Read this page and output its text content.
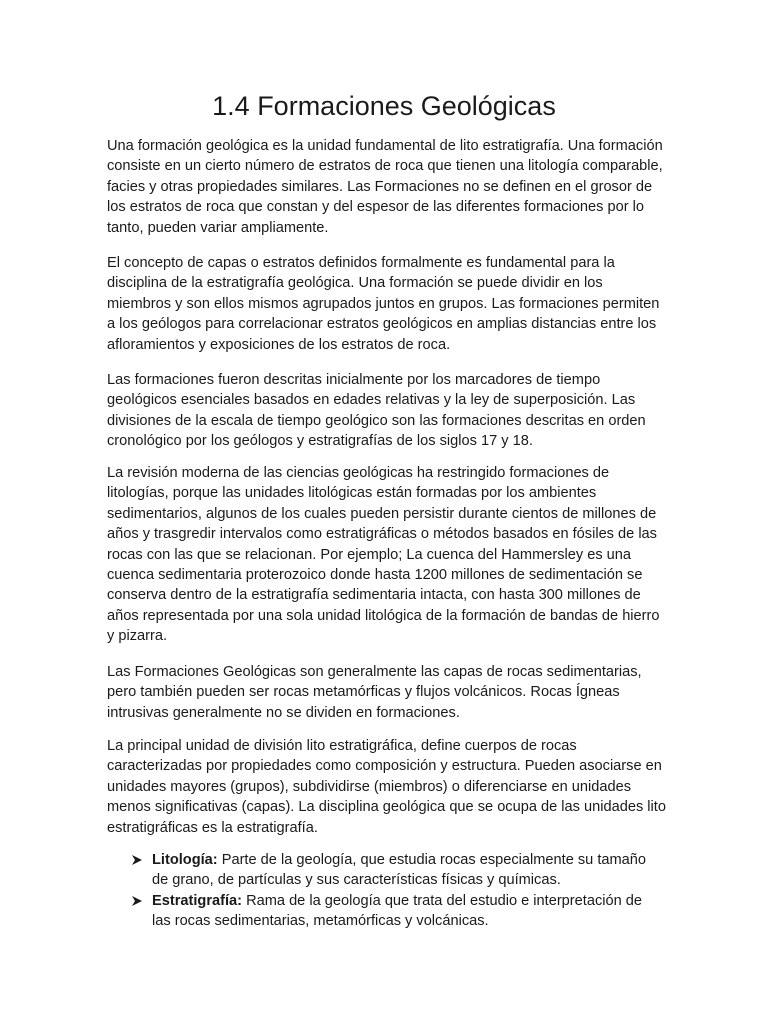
1.4 Formaciones Geológicas

Una formación geológica es la unidad fundamental de lito estratigrafía. Una formación consiste en un cierto número de estratos de roca que tienen una litología comparable, facies y otras propiedades similares. Las Formaciones no se definen en el grosor de los estratos de roca que constan y del espesor de las diferentes formaciones por lo tanto, pueden variar ampliamente.

El concepto de capas o estratos definidos formalmente es fundamental para la disciplina de la estratigrafía geológica. Una formación se puede dividir en los miembros y son ellos mismos agrupados juntos en grupos. Las formaciones permiten a los geólogos para correlacionar estratos geológicos en amplias distancias entre los afloramientos y exposiciones de los estratos de roca.

Las formaciones fueron descritas inicialmente por los marcadores de tiempo geológicos esenciales basados en edades relativas y la ley de superposición. Las divisiones de la escala de tiempo geológico son las formaciones descritas en orden cronológico por los geólogos y estratigrafías de los siglos 17 y 18.

La revisión moderna de las ciencias geológicas ha restringido formaciones de litologías, porque las unidades litológicas están formadas por los ambientes sedimentarios, algunos de los cuales pueden persistir durante cientos de millones de años y trasgredir intervalos como estratigráficas o métodos basados en fósiles de las rocas con las que se relacionan. Por ejemplo; La cuenca del Hammersley es una cuenca sedimentaria proterozoico donde hasta 1200 millones de sedimentación se conserva dentro de la estratigrafía sedimentaria intacta, con hasta 300 millones de años representada por una sola unidad litológica de la formación de bandas de hierro y pizarra.

Las Formaciones Geológicas son generalmente las capas de rocas sedimentarias, pero también pueden ser rocas metamórficas y flujos volcánicos. Rocas Ígneas intrusivas generalmente no se dividen en formaciones.

La principal unidad de división lito estratigráfica, define cuerpos de rocas caracterizadas por propiedades como composición y estructura. Pueden asociarse en unidades mayores (grupos), subdividirse (miembros) o diferenciarse en unidades menos significativas (capas). La disciplina geológica que se ocupa de las unidades lito estratigráficas es la estratigrafía.

Litología: Parte de la geología, que estudia rocas especialmente su tamaño de grano, de partículas y sus características físicas y químicas.
Estratigrafía: Rama de la geología que trata del estudio e interpretación de las rocas sedimentarias, metamórficas y volcánicas.
